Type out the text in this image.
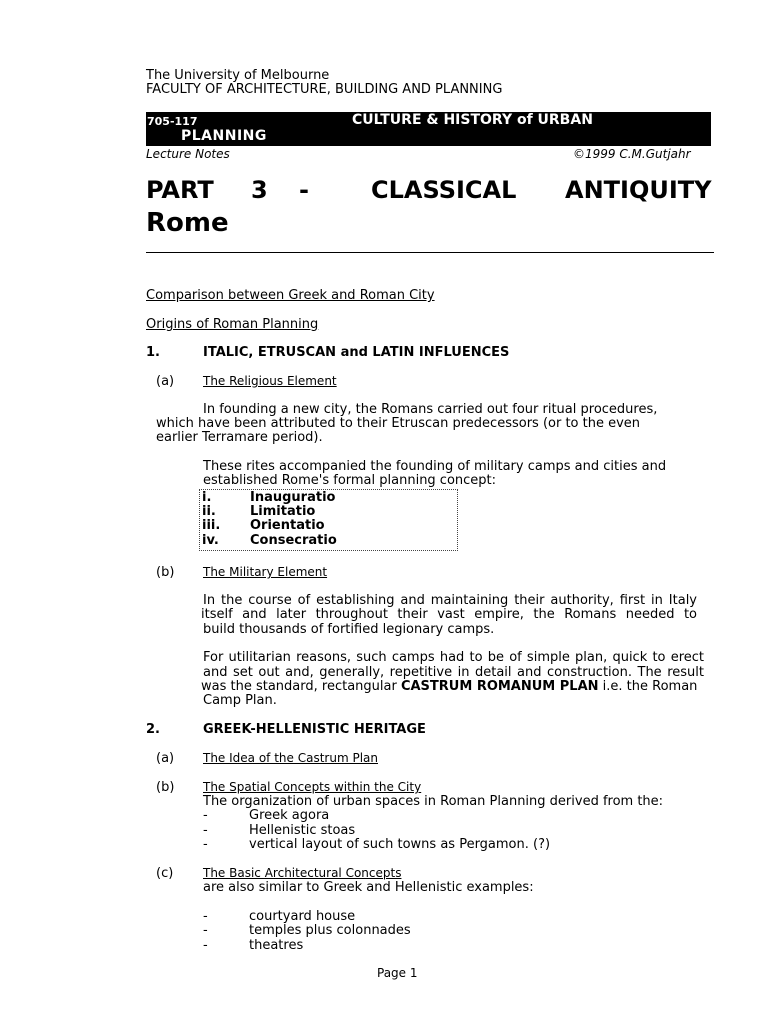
The University of Melbourne
FACULTY OF ARCHITECTURE, BUILDING AND PLANNING
705-117	CULTURE & HISTORY of URBAN
PLANNING
Lecture Notes	©1999 C.M.Gutjahr
PART 3 -	CLASSICAL ANTIQUITY
Rome
Comparison between Greek and Roman City
Origins of Roman Planning
1.	ITALIC, ETRUSCAN and LATIN INFLUENCES
(a) The Religious Element
In founding a new city, the Romans carried out four ritual procedures,
which have been attributed to their Etruscan predecessors (or to the even
earlier Terramare period).
These rites accompanied the founding of military camps and cities and
established Rome's formal planning concept:
i.	Inauguratio
ii.	Limitatio
iii. Orientatio
iv. Consecratio
(b) The Military Element
In the course of establishing and maintaining their authority, first in Italy
itself and later throughout their vast empire, the Romans needed to
build thousands of fortified legionary camps.
For utilitarian reasons, such camps had to be of simple plan, quick to erect
and set out and, generally, repetitive in detail and construction. The result
was the standard, rectangular CASTRUM ROMANUM PLAN i.e. the Roman
Camp Plan.
2.	GREEK-HELLENISTIC HERITAGE
(a) The Idea of the Castrum Plan
(b) The Spatial Concepts within the City
The organization of urban spaces in Roman Planning derived from the:
-	Greek agora
-	Hellenistic stoas
-	vertical layout of such towns as Pergamon. (?)
(c) The Basic Architectural Concepts
are also similar to Greek and Hellenistic examples:
-	courtyard house
-	temples plus colonnades
-	theatres
Page 1
